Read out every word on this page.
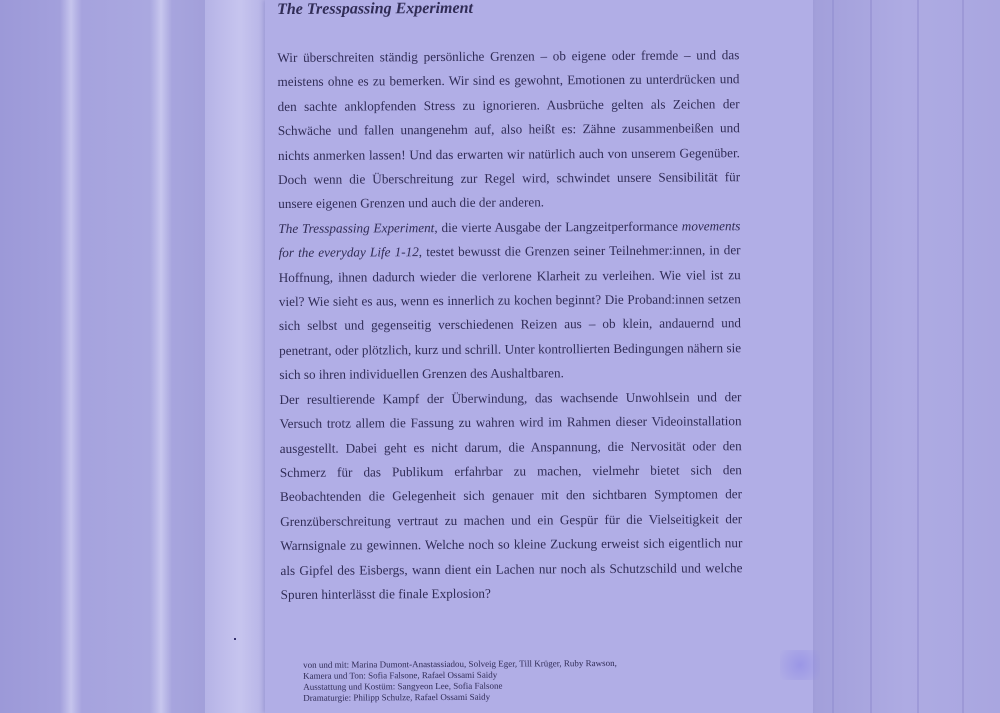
The Tresspassing Experiment

Wir überschreiten ständig persönliche Grenzen – ob eigene oder fremde – und das meistens ohne es zu bemerken. Wir sind es gewohnt, Emotionen zu unterdrücken und den sachte anklopfenden Stress zu ignorieren. Ausbrüche gelten als Zeichen der Schwäche und fallen unangenehm auf, also heißt es: Zähne zusammenbeißen und nichts anmerken lassen! Und das erwarten wir natürlich auch von unserem Gegenüber. Doch wenn die Überschreitung zur Regel wird, schwindet unsere Sensibilität für unsere eigenen Grenzen und auch die der anderen.

The Tresspassing Experiment, die vierte Ausgabe der Langzeitperformance movements for the everyday Life 1-12, testet bewusst die Grenzen seiner Teilnehmer:innen, in der Hoffnung, ihnen dadurch wieder die verlorene Klarheit zu verleihen. Wie viel ist zu viel? Wie sieht es aus, wenn es innerlich zu kochen beginnt? Die Proband:innen setzen sich selbst und gegenseitig verschiedenen Reizen aus – ob klein, andauernd und penetrant, oder plötzlich, kurz und schrill. Unter kontrollierten Bedingungen nähern sie sich so ihren individuellen Grenzen des Aushaltbaren.

Der resultierende Kampf der Überwindung, das wachsende Unwohlsein und der Versuch trotz allem die Fassung zu wahren wird im Rahmen dieser Videoinstallation ausgestellt. Dabei geht es nicht darum, die Anspannung, die Nervosität oder den Schmerz für das Publikum erfahrbar zu machen, vielmehr bietet sich den Beobachtenden die Gelegenheit sich genauer mit den sichtbaren Symptomen der Grenzüberschreitung vertraut zu machen und ein Gespür für die Vielseitigkeit der Warnsignale zu gewinnen. Welche noch so kleine Zuckung erweist sich eigentlich nur als Gipfel des Eisbergs, wann dient ein Lachen nur noch als Schutzschild und welche Spuren hinterlässt die finale Explosion?

von und mit: Marina Dumont-Anastassiadou, Solveig Eger, Till Krüger, Ruby Rawson,
Kamera und Ton: Sofia Falsone, Rafael Ossami Saidy
Ausstattung und Kostüm: Sangyeon Lee, Sofia Falsone
Dramaturgie: Philipp Schulze, Rafael Ossami Saidy
